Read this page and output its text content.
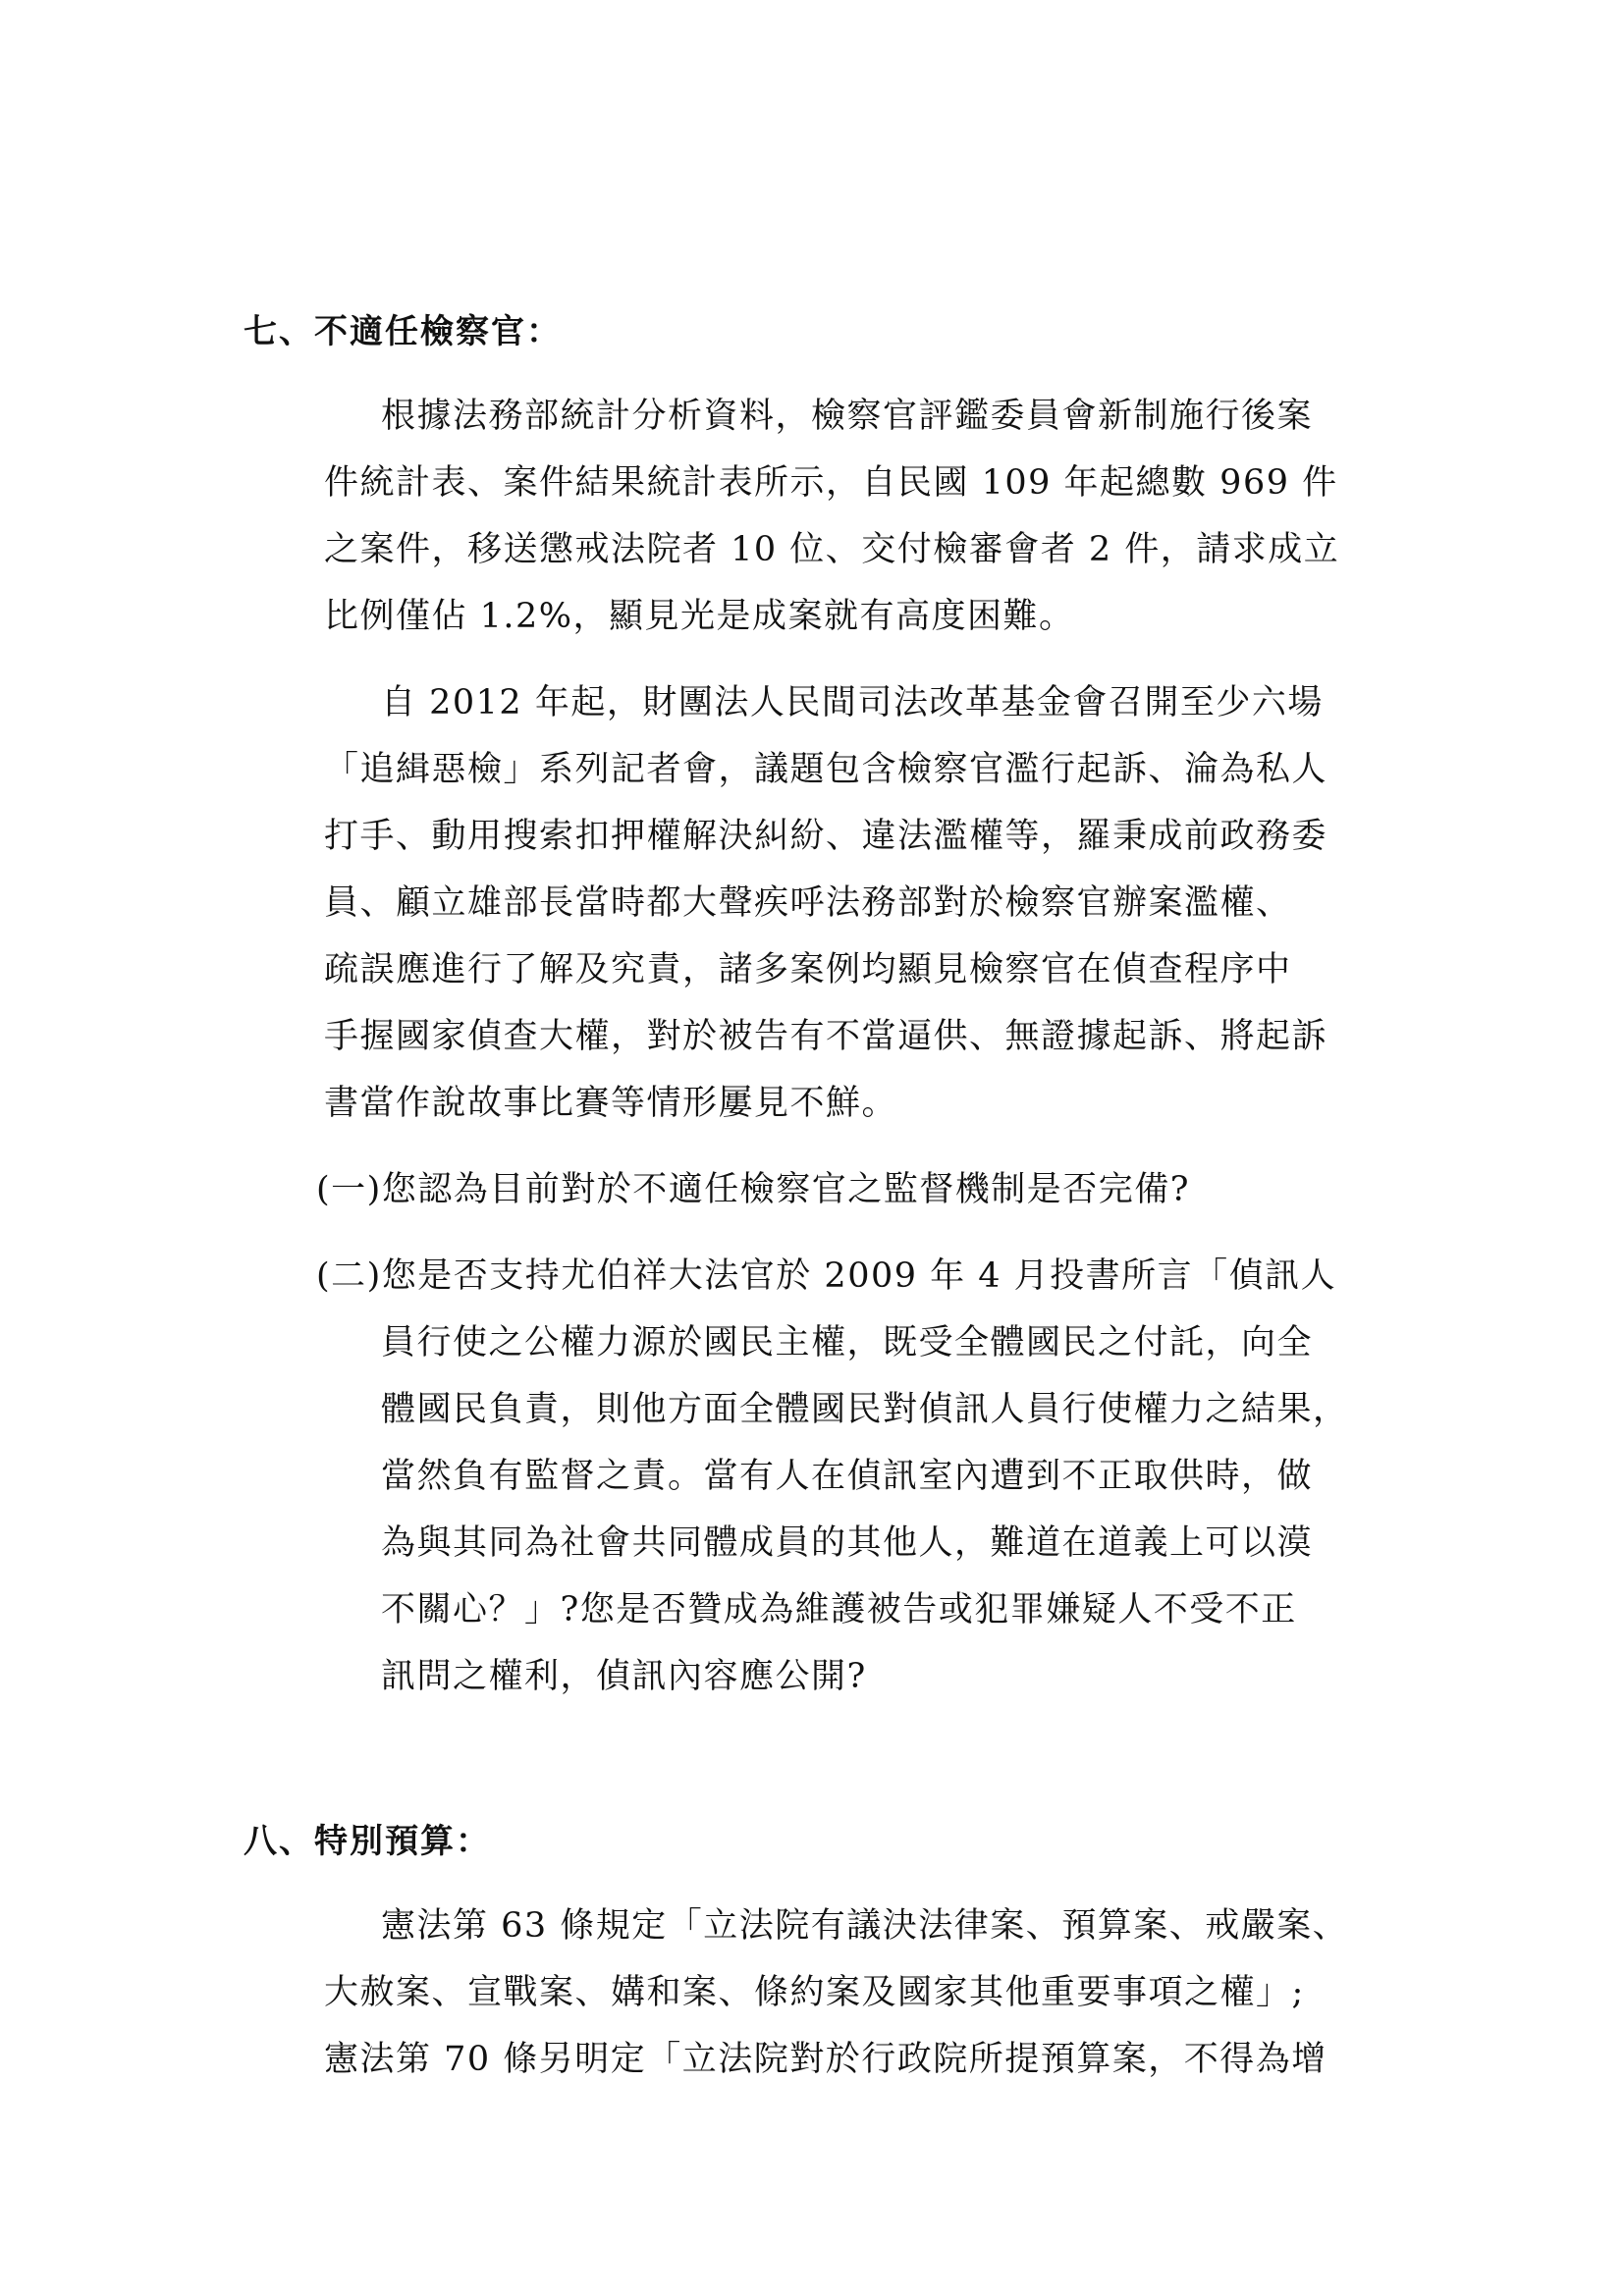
七、不適任檢察官：
根據法務部統計分析資料，檢察官評鑑委員會新制施行後案
件統計表、案件結果統計表所示，自民國 109 年起總數 969 件
之案件，移送懲戒法院者 10 位、交付檢審會者 2 件，請求成立
比例僅佔 1.2%，顯見光是成案就有高度困難。
自 2012 年起，財團法人民間司法改革基金會召開至少六場
「追緝惡檢」系列記者會，議題包含檢察官濫行起訴、淪為私人
打手、動用搜索扣押權解決糾紛、違法濫權等，羅秉成前政務委
員、顧立雄部長當時都大聲疾呼法務部對於檢察官辦案濫權、
疏誤應進行了解及究責，諸多案例均顯見檢察官在偵查程序中
手握國家偵查大權，對於被告有不當逼供、無證據起訴、將起訴
書當作說故事比賽等情形屢見不鮮。
(一)您認為目前對於不適任檢察官之監督機制是否完備?
(二)您是否支持尤伯祥大法官於 2009 年 4 月投書所言「偵訊人
員行使之公權力源於國民主權，既受全體國民之付託，向全
體國民負責，則他方面全體國民對偵訊人員行使權力之結果，
當然負有監督之責。當有人在偵訊室內遭到不正取供時，做
為與其同為社會共同體成員的其他人，難道在道義上可以漠
不關心？」?您是否贊成為維護被告或犯罪嫌疑人不受不正
訊問之權利，偵訊內容應公開?
八、特別預算：
憲法第 63 條規定「立法院有議決法律案、預算案、戒嚴案、
大赦案、宣戰案、媾和案、條約案及國家其他重要事項之權」;
憲法第 70 條另明定「立法院對於行政院所提預算案，不得為增
